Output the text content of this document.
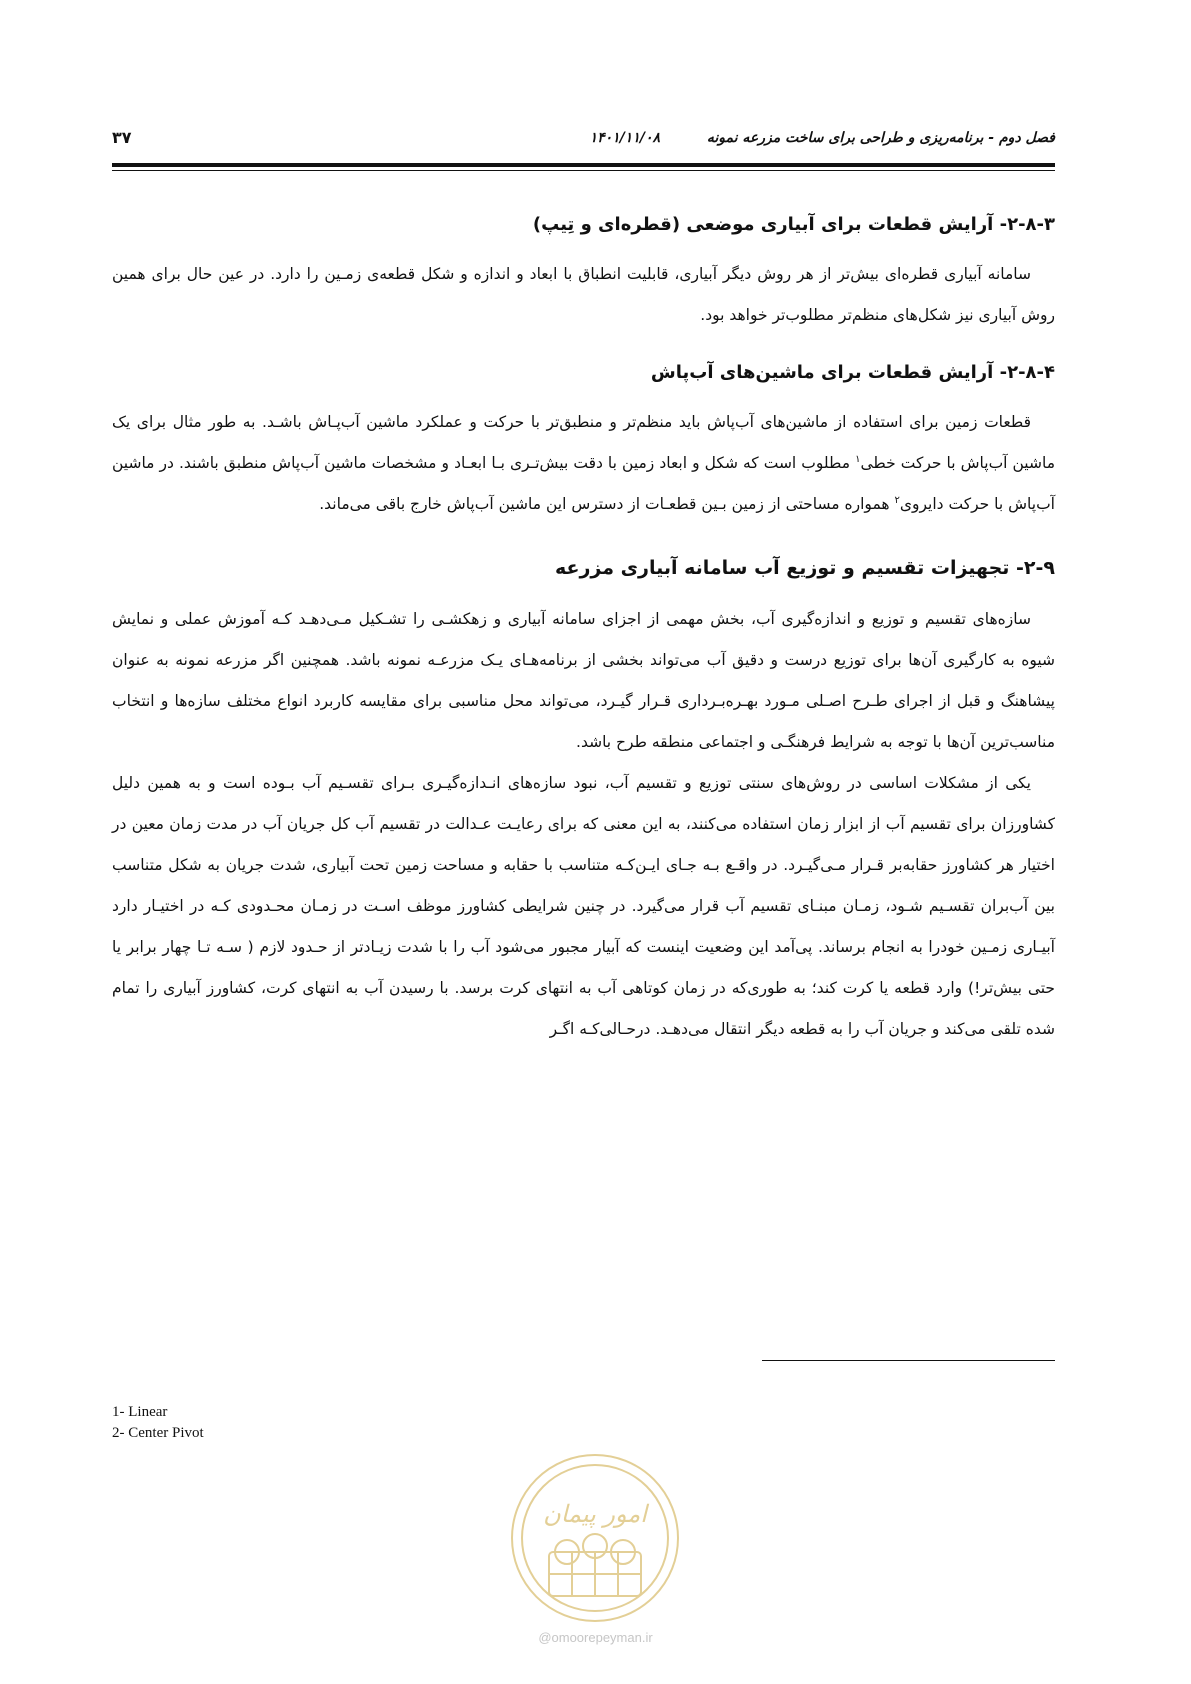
فصل دوم - برنامه‌ریزی و طراحی برای ساخت مزرعه نمونه
۱۴۰۱/۱۱/۰۸
۳۷
۲-۸-۳- آرایش قطعات برای آبیاری موضعی (قطره‌ای و تِیپ)

سامانه آبیاری قطره‌ای بیش‌تر از هر روش دیگر آبیاری، قابلیت انطباق با ابعاد و اندازه و شکل قطعه‌ی زمـین را دارد. در عین حال برای همین روش آبیاری نیز شکل‌های منظم‌تر مطلوب‌تر خواهد بود.

۲-۸-۴- آرایش قطعات برای ماشین‌های آب‌پاش

قطعات زمین برای استفاده از ماشین‌های آب‌پاش باید منظم‌تر و منطبق‌تر با حرکت و عملکرد ماشین آب‌پـاش باشـد. به طور مثال برای یک ماشین آب‌پاش با حرکت خطی$^۱$ مطلوب است که شکل و ابعاد زمین با دقت بیش‌تـری بـا ابعـاد و مشخصات ماشین آب‌پاش منطبق باشند. در ماشین آب‌پاش با حرکت دایروی$^۲$ همواره مساحتی از زمین بـین قطعـات از دسترس این ماشین آب‌پاش خارج باقی می‌ماند.

۲-۹- تجهیزات تقسیم و توزیع آب سامانه آبیاری مزرعه

سازه‌های تقسیم و توزیع و اندازه‌گیری آب، بخش مهمی از اجزای سامانه آبیاری و زهکشـی را تشـکیل مـی‌دهـد کـه آموزش عملی و نمایش شیوه به کارگیری آن‌ها برای توزیع درست و دقیق آب می‌تواند بخشی از برنامه‌هـای یـک مزرعـه نمونه باشد. همچنین اگر مزرعه نمونه به عنوان پیشاهنگ و قبل از اجرای طـرح اصـلی مـورد بهـره‌بـرداری قـرار گیـرد، می‌تواند محل مناسبی برای مقایسه کاربرد انواع مختلف سازه‌ها و انتخاب مناسب‌ترین آن‌ها با توجه به شرایط فرهنگـی و اجتماعی منطقه طرح باشد.

یکی از مشکلات اساسی در روش‌های سنتی توزیع و تقسیم آب، نبود سازه‌های انـدازه‌گیـری بـرای تقسـیم آب بـوده است و به همین دلیل کشاورزان برای تقسیم آب از ابزار زمان استفاده می‌کنند، به این معنی که برای رعایـت عـدالت در تقسیم آب کل جریان آب در مدت زمان معین در اختیار هر کشاورز حقابه‌بر قـرار مـی‌گیـرد. در واقـع بـه جـای ایـن‌کـه متناسب با حقابه و مساحت زمین تحت آبیاری، شدت جریان به شکل متناسب بین آب‌بران تقسـیم شـود، زمـان مبنـای تقسیم آب قرار می‌گیرد. در چنین شرایطی کشاورز موظف اسـت در زمـان محـدودی کـه در اختیـار دارد آبیـاری زمـین خودرا به انجام برساند. پی‌آمد این وضعیت اینست که آبیار مجبور می‌شود آب را با شدت زیـادتر از حـدود لازم ( سـه تـا چهار برابر یا حتی بیش‌تر!) وارد قطعه یا کرت کند؛ به طوری‌که در زمان کوتاهی آب به انتهای کرت برسد. با رسیدن آب به انتهای کرت، کشاورز آبیاری را تمام شده تلقی می‌کند و جریان آب را به قطعه دیگر انتقال می‌دهـد. درحـالی‌کـه اگـر

1- Linear
2- Center Pivot
امور پیمان
@omoorepeyman.ir
